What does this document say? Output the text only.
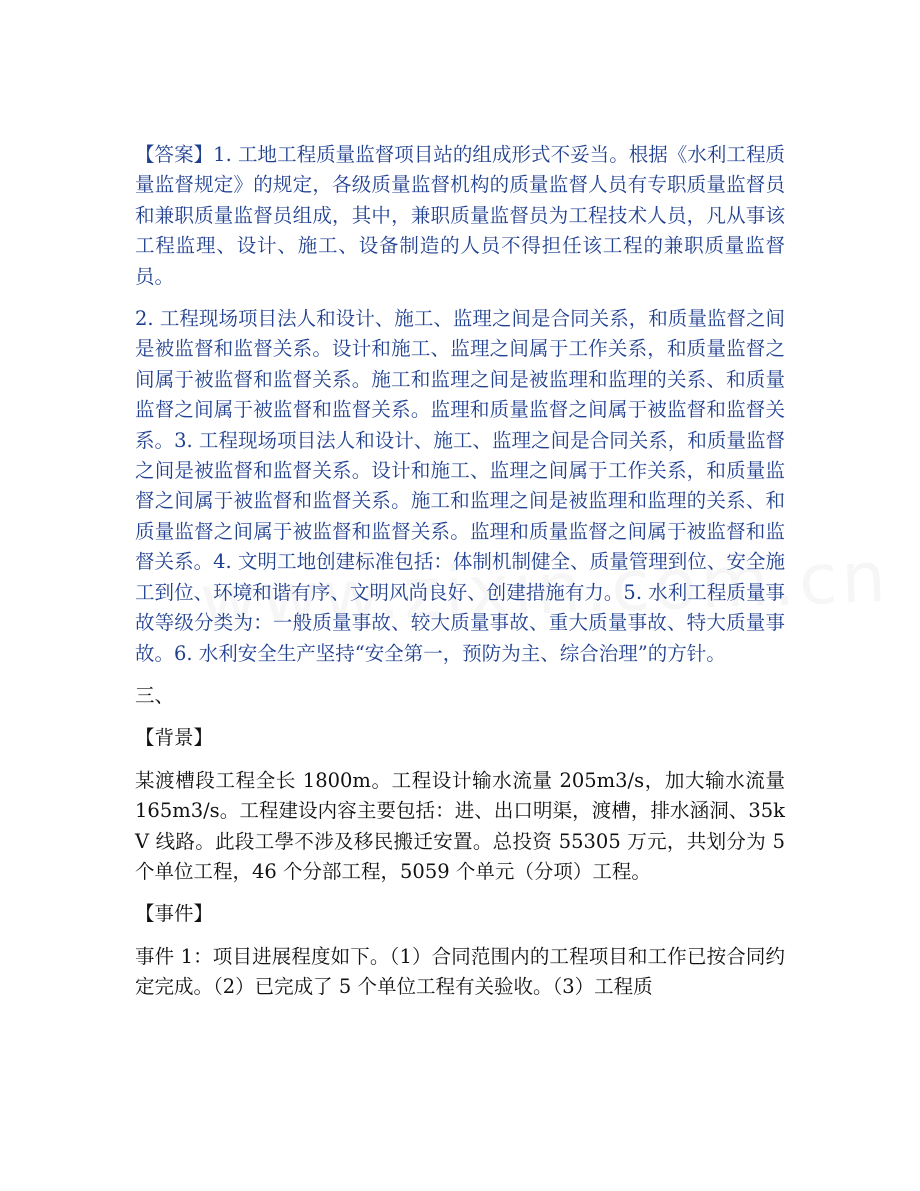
【答案】1. 工地工程质量监督项目站的组成形式不妥当。根据《水利工程质量监督规定》的规定，各级质量监督机构的质量监督人员有专职质量监督员和兼职质量监督员组成，其中，兼职质量监督员为工程技术人员，凡从事该工程监理、设计、施工、设备制造的人员不得担任该工程的兼职质量监督员。

2. 工程现场项目法人和设计、施工、监理之间是合同关系，和质量监督之间是被监督和监督关系。设计和施工、监理之间属于工作关系，和质量监督之间属于被监督和监督关系。施工和监理之间是被监理和监理的关系、和质量监督之间属于被监督和监督关系。监理和质量监督之间属于被监督和监督关系。3. 工程现场项目法人和设计、施工、监理之间是合同关系，和质量监督之间是被监督和监督关系。设计和施工、监理之间属于工作关系，和质量监督之间属于被监督和监督关系。施工和监理之间是被监理和监理的关系、和质量监督之间属于被监督和监督关系。监理和质量监督之间属于被监督和监督关系。4. 文明工地创建标准包括：体制机制健全、质量管理到位、安全施工到位、环境和谐有序、文明风尚良好、创建措施有力。5. 水利工程质量事故等级分类为：一般质量事故、较大质量事故、重大质量事故、特大质量事故。6. 水利安全生产坚持“安全第一，预防为主、综合治理”的方针。

三、

【背景】

某渡槽段工程全长 1800m。工程设计输水流量 205m3/s，加大输水流量 165m3/s。工程建设内容主要包括：进、出口明渠，渡槽，排水涵洞、35kV 线路。此段工學不涉及移民搬迁安置。总投资 55305 万元，共划分为 5 个单位工程，46 个分部工程，5059 个单元（分项）工程。

【事件】

事件 1：项目进展程度如下。（1）合同范围内的工程项目和工作已按合同约定完成。（2）已完成了 5 个单位工程有关验收。（3）工程质
